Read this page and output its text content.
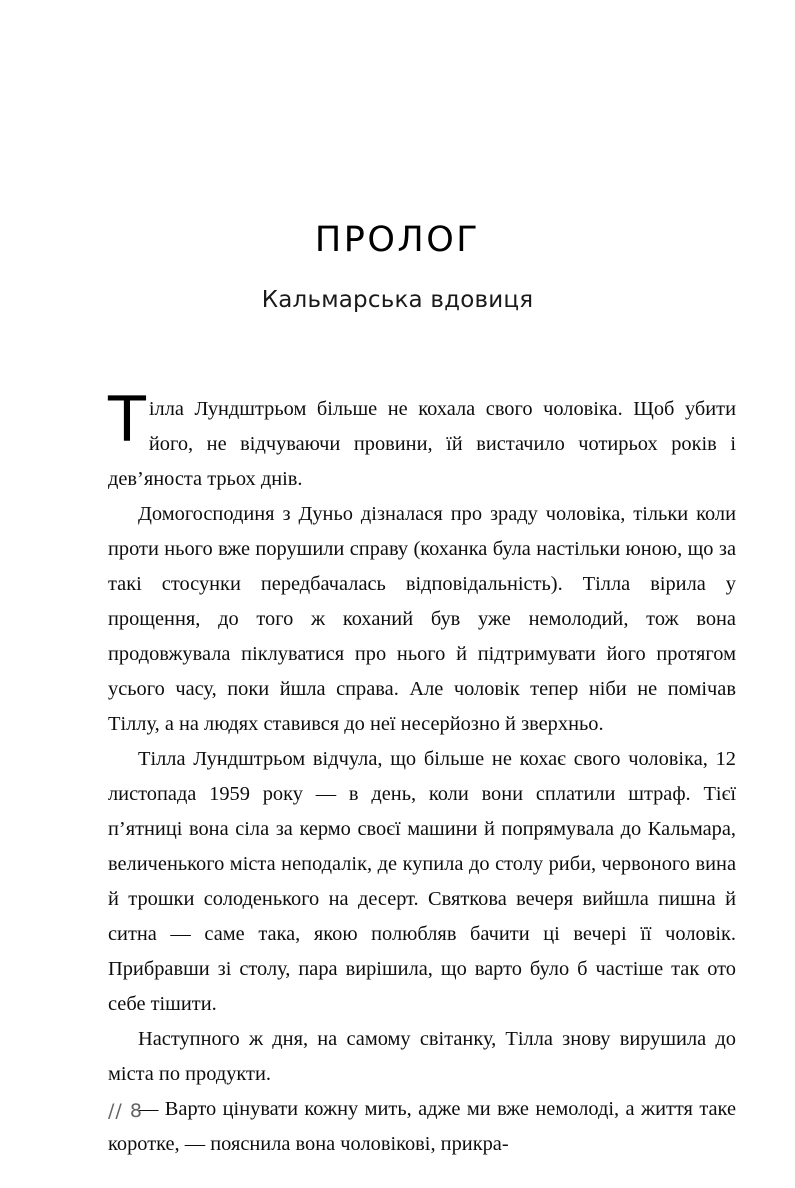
ПРОЛОГ
Кальмарська вдовиця

Тілла Лундштрьом більше не кохала свого чоловіка. Щоб убити його, не відчуваючи провини, їй вистачило чотирьох років і дев’яноста трьох днів.

Домогосподиня з Дуньо дізналася про зраду чоловіка, тільки коли проти нього вже порушили справу (коханка була настільки юною, що за такі стосунки передбачалась відповідальність). Тілла вірила у прощення, до того ж коханий був уже немолодий, тож вона продовжувала піклуватися про нього й підтримувати його протягом усього часу, поки йшла справа. Але чоловік тепер ніби не помічав Тіллу, а на людях ставився до неї несерйозно й зверхньо.

Тілла Лундштрьом відчула, що більше не кохає свого чоловіка, 12 листопада 1959 року — в день, коли вони сплатили штраф. Тієї п’ятниці вона сіла за кермо своєї машини й попрямувала до Кальмара, величенького міста неподалік, де купила до столу риби, червоного вина й трошки солоденького на десерт. Святкова вечеря вийшла пишна й ситна — саме така, якою полюбляв бачити ці вечері її чоловік. Прибравши зі столу, пара вирішила, що варто було б частіше так ото себе тішити.

Наступного ж дня, на самому світанку, Тілла знову вирушила до міста по продукти.

— Варто цінувати кожну мить, адже ми вже немолоді, а життя таке коротке, — пояснила вона чоловікові, прикра-

// 8
